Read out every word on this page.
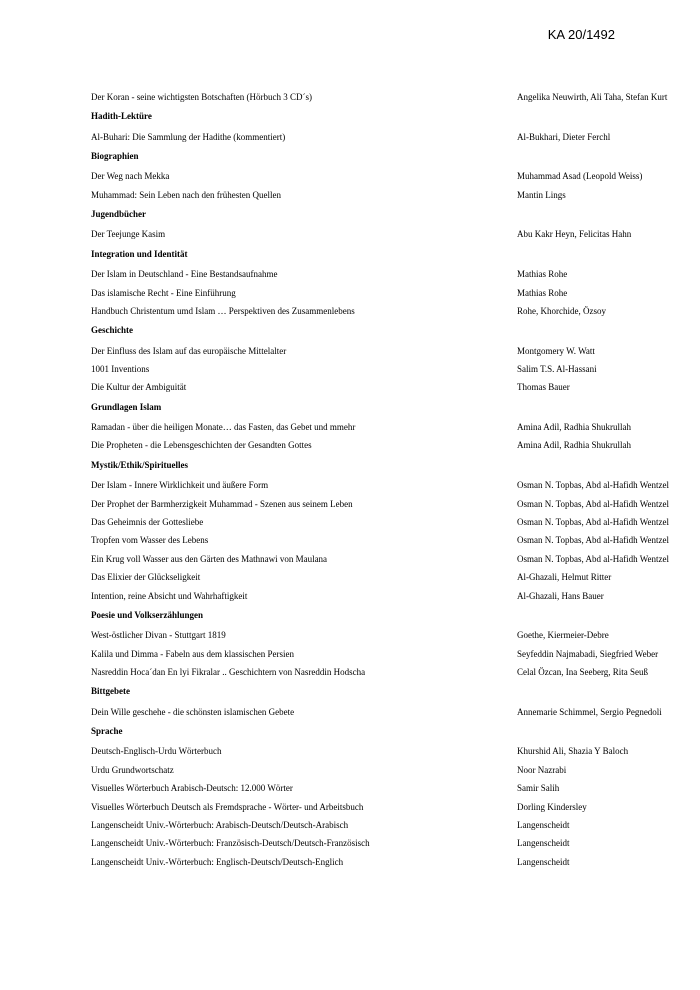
KA 20/1492
Der Koran - seine wichtigsten Botschaften (Hörbuch 3 CD´s)	Angelika Neuwirth, Ali Taha, Stefan Kurt
Hadith-Lektüre
Al-Buhari: Die Sammlung der Hadithe (kommentiert)	Al-Bukhari, Dieter Ferchl
Biographien
Der Weg nach Mekka	Muhammad Asad (Leopold Weiss)
Muhammad: Sein Leben nach den frühesten Quellen	Mantin Lings
Jugendbücher
Der Teejunge Kasim	Abu Kakr Heyn, Felicitas Hahn
Integration und Identität
Der Islam in Deutschland - Eine Bestandsaufnahme	Mathias Rohe
Das islamische Recht - Eine Einführung	Mathias Rohe
Handbuch Christentum umd Islam … Perspektiven des Zusammenlebens	Rohe, Khorchide, Özsoy
Geschichte
Der Einfluss des Islam auf das europäische Mittelalter	Montgomery W. Watt
1001 Inventions	Salim T.S. Al-Hassani
Die Kultur der Ambiguität	Thomas Bauer
Grundlagen Islam
Ramadan - über die heiligen Monate… das Fasten, das Gebet und mmehr	Amina Adil, Radhia Shukrullah
Die Propheten - die Lebensgeschichten der Gesandten Gottes	Amina Adil, Radhia Shukrullah
Mystik/Ethik/Spirituelles
Der Islam - Innere Wirklichkeit und äußere Form	Osman N. Topbas, Abd al-Hafidh Wentzel
Der Prophet der Barmherzigkeit Muhammad - Szenen aus seinem Leben	Osman N. Topbas, Abd al-Hafidh Wentzel
Das Geheimnis der Gottesliebe	Osman N. Topbas, Abd al-Hafidh Wentzel
Tropfen vom Wasser des Lebens	Osman N. Topbas, Abd al-Hafidh Wentzel
Ein Krug voll Wasser aus den Gärten des Mathnawi von Maulana	Osman N. Topbas, Abd al-Hafidh Wentzel
Das Elixier der Glückseligkeit	Al-Ghazali, Helmut Ritter
Intention, reine Absicht und Wahrhaftigkeit	Al-Ghazali, Hans Bauer
Poesie und Volkserzählungen
West-östlicher Divan - Stuttgart 1819	Goethe, Kiermeier-Debre
Kalila und Dimma - Fabeln aus dem klassischen Persien	Seyfeddin Najmabadi, Siegfried Weber
Nasreddin Hoca´dan En lyi Fikralar .. Geschichtern von Nasreddin Hodscha	Celal Özcan, Ina Seeberg, Rita Seuß
Bittgebete
Dein Wille geschehe - die schönsten islamischen Gebete	Annemarie Schimmel, Sergio Pegnedoli
Sprache
Deutsch-Englisch-Urdu Wörterbuch	Khurshid Ali, Shazia Y Baloch
Urdu Grundwortschatz	Noor Nazrabi
Visuelles Wörterbuch Arabisch-Deutsch: 12.000 Wörter	Samir Salih
Visuelles Wörterbuch Deutsch als Fremdsprache - Wörter- und Arbeitsbuch	Dorling Kindersley
Langenscheidt Univ.-Wörterbuch: Arabisch-Deutsch/Deutsch-Arabisch	Langenscheidt
Langenscheidt Univ.-Wörterbuch: Französisch-Deutsch/Deutsch-Französisch	Langenscheidt
Langenscheidt Univ.-Wörterbuch: Englisch-Deutsch/Deutsch-Englich	Langenscheidt
